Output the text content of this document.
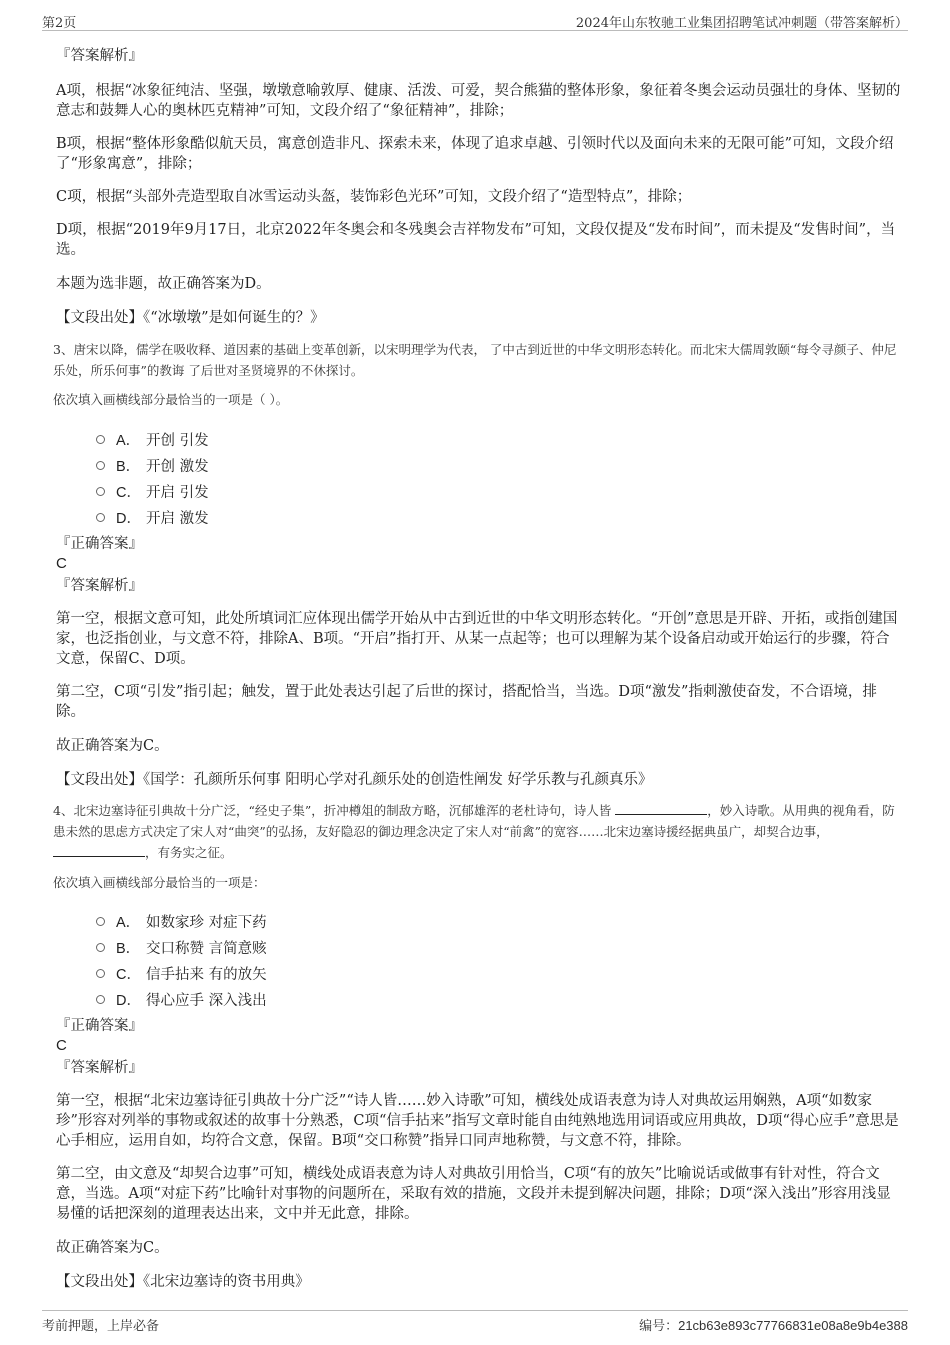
第2页	2024年山东牧驰工业集团招聘笔试冲刺题（带答案解析）

『答案解析』

A项，根据“冰象征纯洁、坚强，墩墩意喻敦厚、健康、活泼、可爱，契合熊猫的整体形象，象征着冬奥会运动员强壮的身体、坚韧的意志和鼓舞人心的奥林匹克精神”可知，文段介绍了“象征精神”，排除；

B项，根据“整体形象酷似航天员，寓意创造非凡、探索未来，体现了追求卓越、引领时代以及面向未来的无限可能”可知，文段介绍了“形象寓意”，排除；

C项，根据“头部外壳造型取自冰雪运动头盔，装饰彩色光环”可知，文段介绍了“造型特点”，排除；

D项，根据“2019年9月17日，北京2022年冬奥会和冬残奥会吉祥物发布”可知，文段仅提及“发布时间”，而未提及“发售时间”，当选。

本题为选非题，故正确答案为D。

【文段出处】《“冰墩墩”是如何诞生的？》

3、唐宋以降，儒学在吸收释、道因素的基础上变革创新，以宋明理学为代表， 了中古到近世的中华文明形态转化。而北宋大儒周敦颐“每令寻颜子、仲尼乐处，所乐何事”的教诲 了后世对圣贤境界的不休探讨。

依次填入画横线部分最恰当的一项是（ ）。

A． 开创 引发
B． 开创 激发
C． 开启 引发
D． 开启 激发

『正确答案』

C

『答案解析』

第一空，根据文意可知，此处所填词汇应体现出儒学开始从中古到近世的中华文明形态转化。“开创”意思是开辟、开拓，或指创建国家，也泛指创业，与文意不符，排除A、B项。“开启”指打开、从某一点起等；也可以理解为某个设备启动或开始运行的步骤，符合文意，保留C、D项。

第二空，C项“引发”指引起；触发，置于此处表达引起了后世的探讨，搭配恰当，当选。D项“激发”指刺激使奋发，不合语境，排除。

故正确答案为C。

【文段出处】《国学：孔颜所乐何事 阳明心学对孔颜乐处的创造性阐发 好学乐教与孔颜真乐》

4、北宋边塞诗征引典故十分广泛，“经史子集”，折冲樽俎的制敌方略，沉郁雄浑的老杜诗句，诗人皆	，妙入诗歌。从用典的视角看，防患未然的思虑方式决定了宋人对“曲突”的弘扬，友好隐忍的御边理念决定了宋人对“前禽”的宽容……北宋边塞诗援经据典虽广，却契合边事， ，有务实之征。

依次填入画横线部分最恰当的一项是：

A． 如数家珍 对症下药
B． 交口称赞 言简意赅
C． 信手拈来 有的放矢
D． 得心应手 深入浅出

『正确答案』

C

『答案解析』

第一空，根据“北宋边塞诗征引典故十分广泛”“诗人皆……妙入诗歌”可知，横线处成语表意为诗人对典故运用娴熟，A项“如数家珍”形容对列举的事物或叙述的故事十分熟悉，C项“信手拈来”指写文章时能自由纯熟地选用词语或应用典故，D项“得心应手”意思是心手相应，运用自如，均符合文意，保留。B项“交口称赞”指异口同声地称赞，与文意不符，排除。

第二空，由文意及“却契合边事”可知，横线处成语表意为诗人对典故引用恰当，C项“有的放矢”比喻说话或做事有针对性，符合文意，当选。A项“对症下药”比喻针对事物的问题所在，采取有效的措施，文段并未提到解决问题，排除；D项“深入浅出”形容用浅显易懂的话把深刻的道理表达出来，文中并无此意，排除。

故正确答案为C。

【文段出处】《北宋边塞诗的资书用典》

考前押题，上岸必备	编号：21cb63e893c77766831e08a8e9b4e388
